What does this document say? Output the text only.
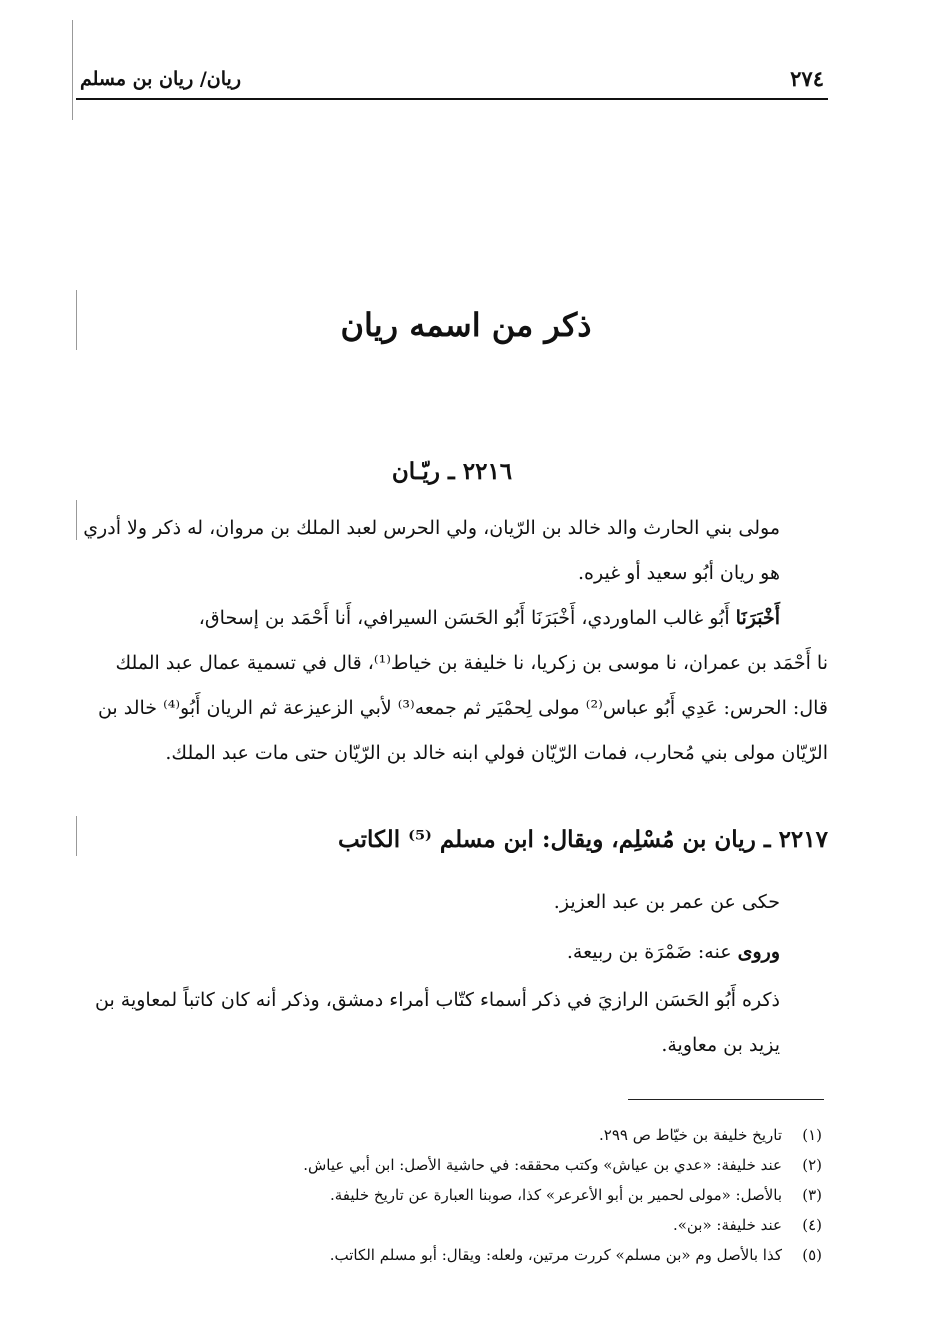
٢٧٤
ريان/ ريان بن مسلم
ذكر من اسمه ريان
٢٢١٦ ـ ريّـان

مولى بني الحارث والد خالد بن الرّيان، ولي الحرس لعبد الملك بن مروان، له ذكر ولا أدري هو ريان أبُو سعيد أو غيره.

أَخْبَرَنَا أَبُو غالب الماوردي، أَخْبَرَنَا أَبُو الحَسَن السيرافي، أَنا أَحْمَد بن إسحاق،

نا أَحْمَد بن عمران، نا موسى بن زكريا، نا خليفة بن خياط⁽¹⁾، قال في تسمية عمال عبد الملك قال: الحرس: عَدِي أَبُو عباس⁽²⁾ مولى لِحمْيَر ثم جمعه⁽³⁾ لأبي الزعيزعة ثم الريان أَبُو⁽⁴⁾ خالد بن الرّيّان مولى بني مُحارب، فمات الرّيّان فولي ابنه خالد بن الرّيّان حتى مات عبد الملك.

٢٢١٧ ـ ريان بن مُسْلِم، ويقال: ابن مسلم ⁽⁵⁾ الكاتب

حكى عن عمر بن عبد العزيز.

وروى عنه: ضَمْرَة بن ربيعة.

ذكره أَبُو الحَسَن الرازيَ في ذكر أسماء كتّاب أمراء دمشق، وذكر أنه كان كاتباً لمعاوية بن يزيد بن معاوية.

(١)تاريخ خليفة بن خيّاط ص ٢٩٩.

(٢)عند خليفة: «عدي بن عياش» وكتب محققه: في حاشية الأصل: ابن أبي عياش.

(٣)بالأصل: «مولى لحمير بن أبو الأعرعر» كذا، صوبنا العبارة عن تاريخ خليفة.

(٤)عند خليفة: «بن».

(٥)كذا بالأصل وم «بن مسلم» كررت مرتين، ولعله: ويقال: أبو مسلم الكاتب.
